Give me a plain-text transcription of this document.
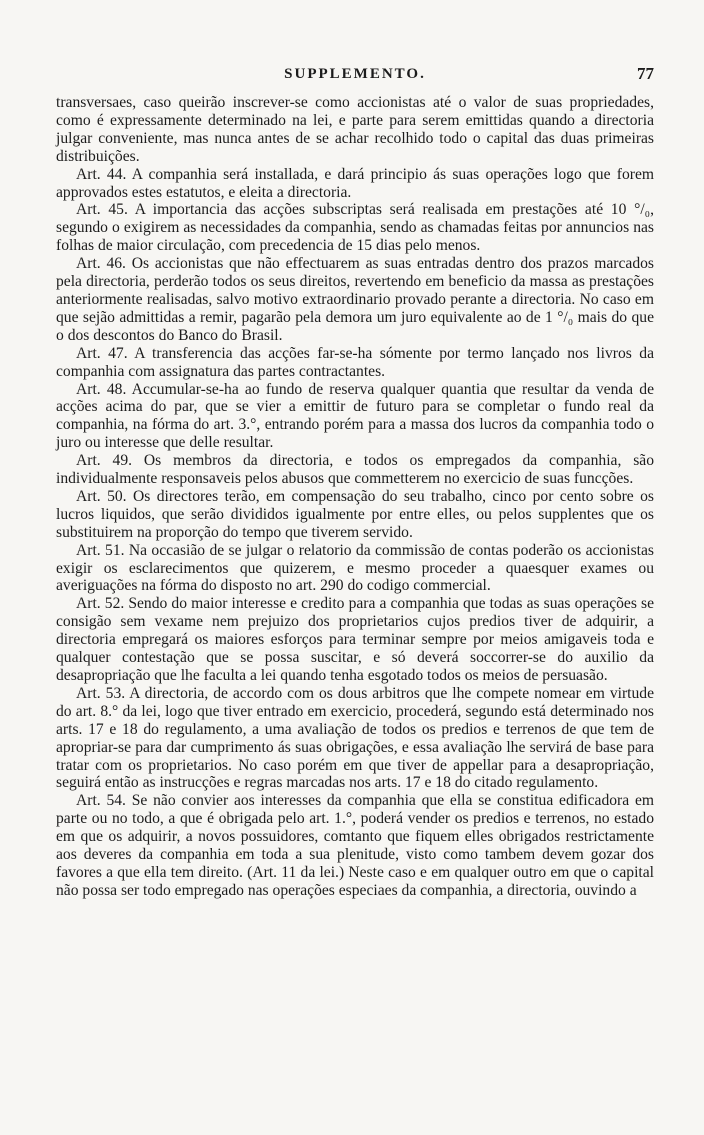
SUPPLEMENTO.	77

transversaes, caso queirão inscrever-se como accionistas até o valor de suas propriedades, como é expressamente determinado na lei, e parte para serem emittidas quando a directoria julgar conveniente, mas nunca antes de se achar recolhido todo o capital das duas primeiras distribuições.

Art. 44. A companhia será installada, e dará principio ás suas operações logo que forem approvados estes estatutos, e eleita a directoria.

Art. 45. A importancia das acções subscriptas será realisada em prestações até 10 °/₀, segundo o exigirem as necessidades da companhia, sendo as chamadas feitas por annuncios nas folhas de maior circulação, com precedencia de 15 dias pelo menos.

Art. 46. Os accionistas que não effectuarem as suas entradas dentro dos prazos marcados pela directoria, perderão todos os seus direitos, revertendo em beneficio da massa as prestações anteriormente realisadas, salvo motivo extraordinario provado perante a directoria. No caso em que sejão admittidas a remir, pagarão pela demora um juro equivalente ao de 1 °/₀ mais do que o dos descontos do Banco do Brasil.

Art. 47. A transferencia das acções far-se-ha sómente por termo lançado nos livros da companhia com assignatura das partes contractantes.

Art. 48. Accumular-se-ha ao fundo de reserva qualquer quantia que resultar da venda de acções acima do par, que se vier a emittir de futuro para se completar o fundo real da companhia, na fórma do art. 3.°, entrando porém para a massa dos lucros da companhia todo o juro ou interesse que delle resultar.

Art. 49. Os membros da directoria, e todos os empregados da companhia, são individualmente responsaveis pelos abusos que commetterem no exercicio de suas funcções.

Art. 50. Os directores terão, em compensação do seu trabalho, cinco por cento sobre os lucros liquidos, que serão divididos igualmente por entre elles, ou pelos supplentes que os substituirem na proporção do tempo que tiverem servido.

Art. 51. Na occasião de se julgar o relatorio da commissão de contas poderão os accionistas exigir os esclarecimentos que quizerem, e mesmo proceder a quaesquer exames ou averiguações na fórma do disposto no art. 290 do codigo commercial.

Art. 52. Sendo do maior interesse e credito para a companhia que todas as suas operações se consigão sem vexame nem prejuizo dos proprietarios cujos predios tiver de adquirir, a directoria empregará os maiores esforços para terminar sempre por meios amigaveis toda e qualquer contestação que se possa suscitar, e só deverá soccorrer-se do auxilio da desapropriação que lhe faculta a lei quando tenha esgotado todos os meios de persuasão.

Art. 53. A directoria, de accordo com os dous arbitros que lhe compete nomear em virtude do art. 8.° da lei, logo que tiver entrado em exercicio, procederá, segundo está determinado nos arts. 17 e 18 do regulamento, a uma avaliação de todos os predios e terrenos de que tem de apropriar-se para dar cumprimento ás suas obrigações, e essa avaliação lhe servirá de base para tratar com os proprietarios. No caso porém em que tiver de appellar para a desapropriação, seguirá então as instrucções e regras marcadas nos arts. 17 e 18 do citado regulamento.

Art. 54. Se não convier aos interesses da companhia que ella se constitua edificadora em parte ou no todo, a que é obrigada pelo art. 1.°, poderá vender os predios e terrenos, no estado em que os adquirir, a novos possuidores, comtanto que fiquem elles obrigados restrictamente aos deveres da companhia em toda a sua plenitude, visto como tambem devem gozar dos favores a que ella tem direito. (Art. 11 da lei.) Neste caso e em qualquer outro em que o capital não possa ser todo empregado nas operações especiaes da companhia, a directoria, ouvindo a
